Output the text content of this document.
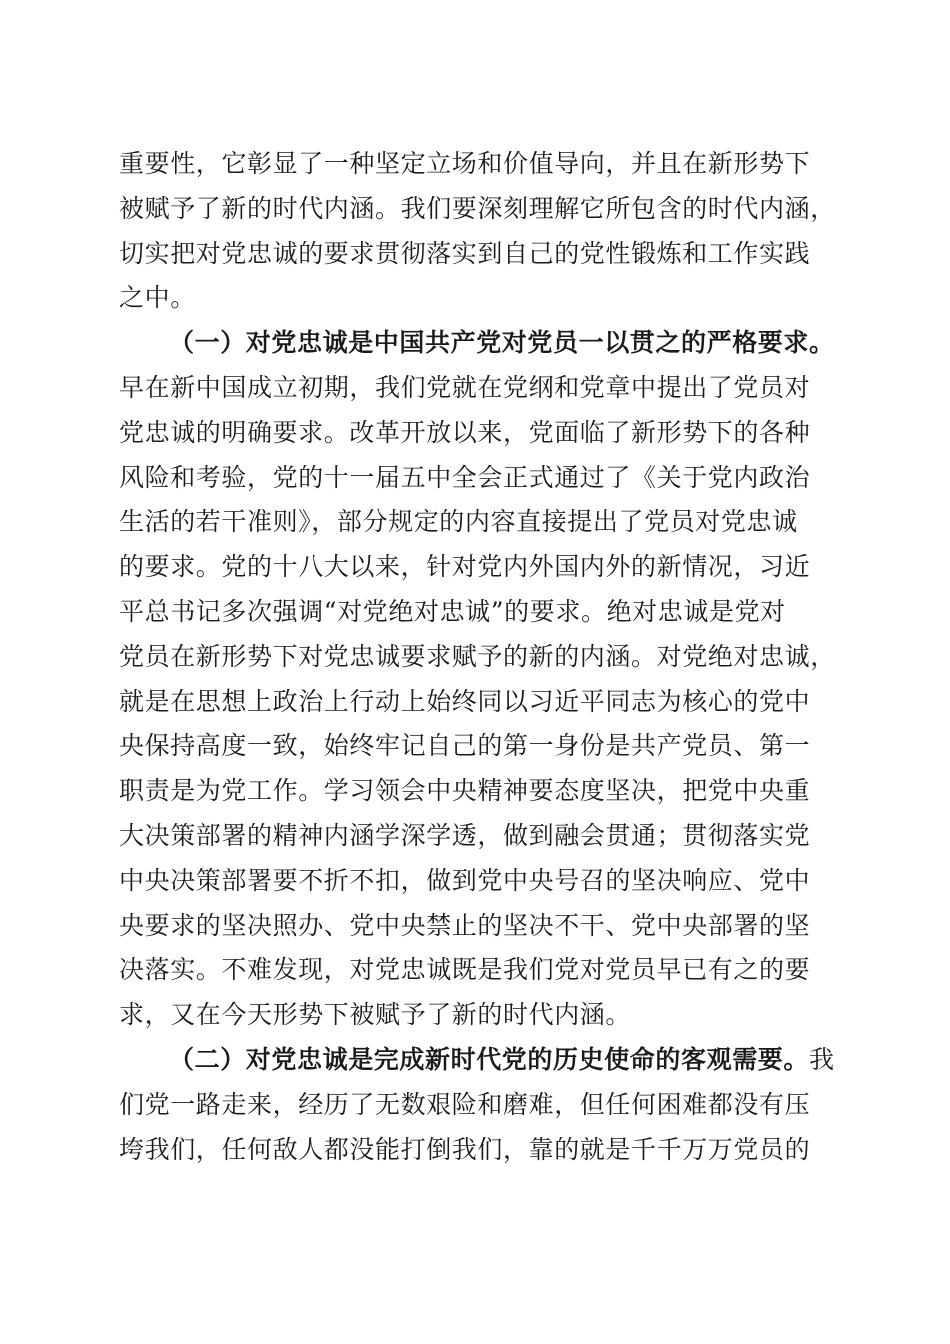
重要性，它彰显了一种坚定立场和价值导向，并且在新形势下
被赋予了新的时代内涵。我们要深刻理解它所包含的时代内涵，
切实把对党忠诚的要求贯彻落实到自己的党性锻炼和工作实践
之中。
（一）对党忠诚是中国共产党对党员一以贯之的严格要求。
早在新中国成立初期，我们党就在党纲和党章中提出了党员对
党忠诚的明确要求。改革开放以来，党面临了新形势下的各种
风险和考验，党的十一届五中全会正式通过了《关于党内政治
生活的若干准则》，部分规定的内容直接提出了党员对党忠诚
的要求。党的十八大以来，针对党内外国内外的新情况，习近
平总书记多次强调“对党绝对忠诚”的要求。绝对忠诚是党对
党员在新形势下对党忠诚要求赋予的新的内涵。对党绝对忠诚，
就是在思想上政治上行动上始终同以习近平同志为核心的党中
央保持高度一致，始终牢记自己的第一身份是共产党员、第一
职责是为党工作。学习领会中央精神要态度坚决，把党中央重
大决策部署的精神内涵学深学透，做到融会贯通；贯彻落实党
中央决策部署要不折不扣，做到党中央号召的坚决响应、党中
央要求的坚决照办、党中央禁止的坚决不干、党中央部署的坚
决落实。不难发现，对党忠诚既是我们党对党员早已有之的要
求，又在今天形势下被赋予了新的时代内涵。
（二）对党忠诚是完成新时代党的历史使命的客观需要。我
们党一路走来，经历了无数艰险和磨难，但任何困难都没有压
垮我们，任何敌人都没能打倒我们，靠的就是千千万万党员的
